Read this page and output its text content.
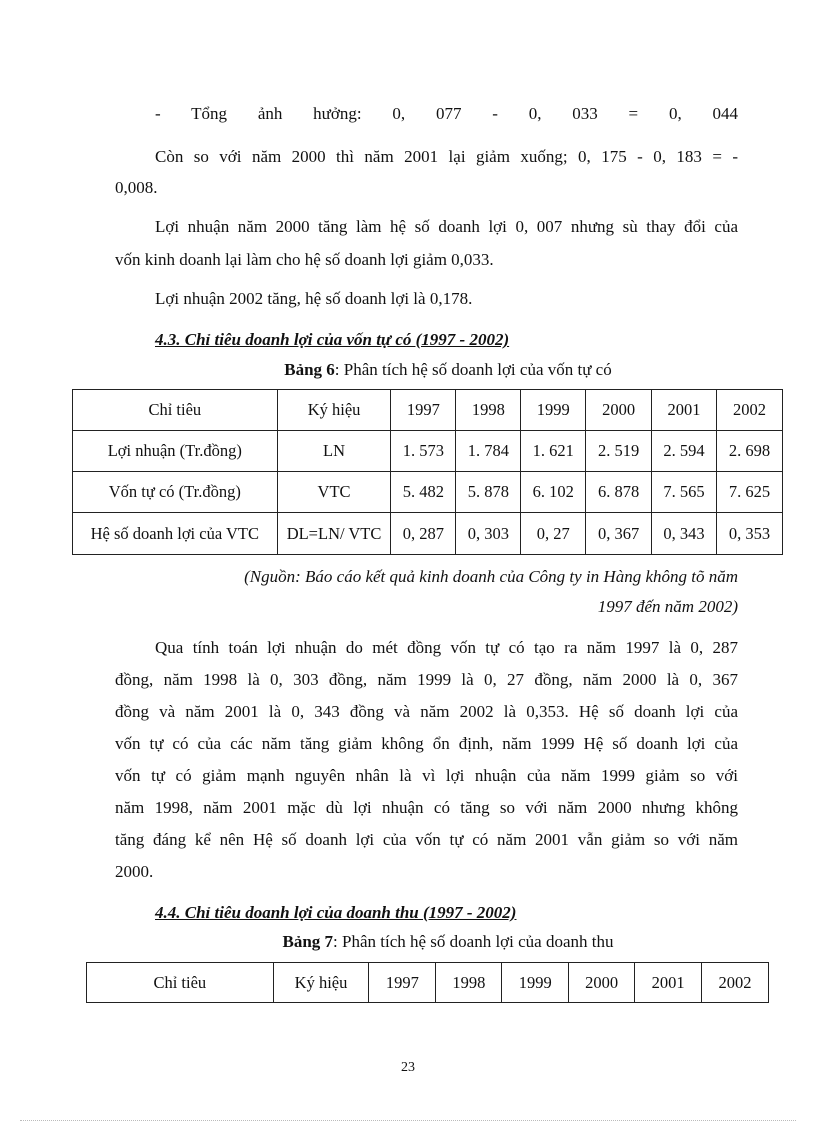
- Tổng ảnh hưởng: 0, 077 - 0, 033 = 0, 044
Còn so với năm 2000 thì năm 2001 lại giảm xuống; 0, 175 - 0, 183 = -
0,008.
Lợi nhuận năm 2000 tăng làm hệ số doanh lợi 0, 007 nhưng sù thay đổi của
vốn kinh doanh lại làm cho hệ số doanh lợi giảm 0,033.
Lợi nhuận 2002 tăng, hệ số doanh lợi là 0,178.
4.3. Chỉ tiêu doanh lợi của vốn tự có (1997 - 2002)
Bảng 6: Phân tích hệ số doanh lợi của vốn tự có
Chỉ tiêu	Ký hiệu	1997	1998	1999	2000	2001	2002
Lợi nhuận (Tr.đồng)	LN	1. 573	1. 784	1. 621	2. 519	2. 594	2. 698
Vốn tự có (Tr.đồng)	VTC	5. 482	5. 878	6. 102	6. 878	7. 565	7. 625
Hệ số doanh lợi của VTC	DL=LN/ VTC	0, 287	0, 303	0, 27	0, 367	0, 343	0, 353
(Nguồn: Báo cáo kết quả kinh doanh của Công ty in Hàng không tõ năm
1997 đến năm 2002)
Qua tính toán lợi nhuận do mét đồng vốn tự có tạo ra năm 1997 là 0, 287
đồng, năm 1998 là 0, 303 đồng, năm 1999 là 0, 27 đồng, năm 2000 là 0, 367
đồng và năm 2001 là 0, 343 đồng và năm 2002 là 0,353. Hệ số doanh lợi của
vốn tự có của các năm tăng giảm không ổn định, năm 1999 Hệ số doanh lợi của
vốn tự có giảm mạnh nguyên nhân là vì lợi nhuận của năm 1999 giảm so với
năm 1998, năm 2001 mặc dù lợi nhuận có tăng so với năm 2000 nhưng không
tăng đáng kể nên Hệ số doanh lợi của vốn tự có năm 2001 vẫn giảm so với năm
2000.
4.4. Chỉ tiêu doanh lợi của doanh thu (1997 - 2002)
Bảng 7: Phân tích hệ số doanh lợi của doanh thu
Chỉ tiêu	Ký hiệu	1997	1998	1999	2000	2001	2002
23
